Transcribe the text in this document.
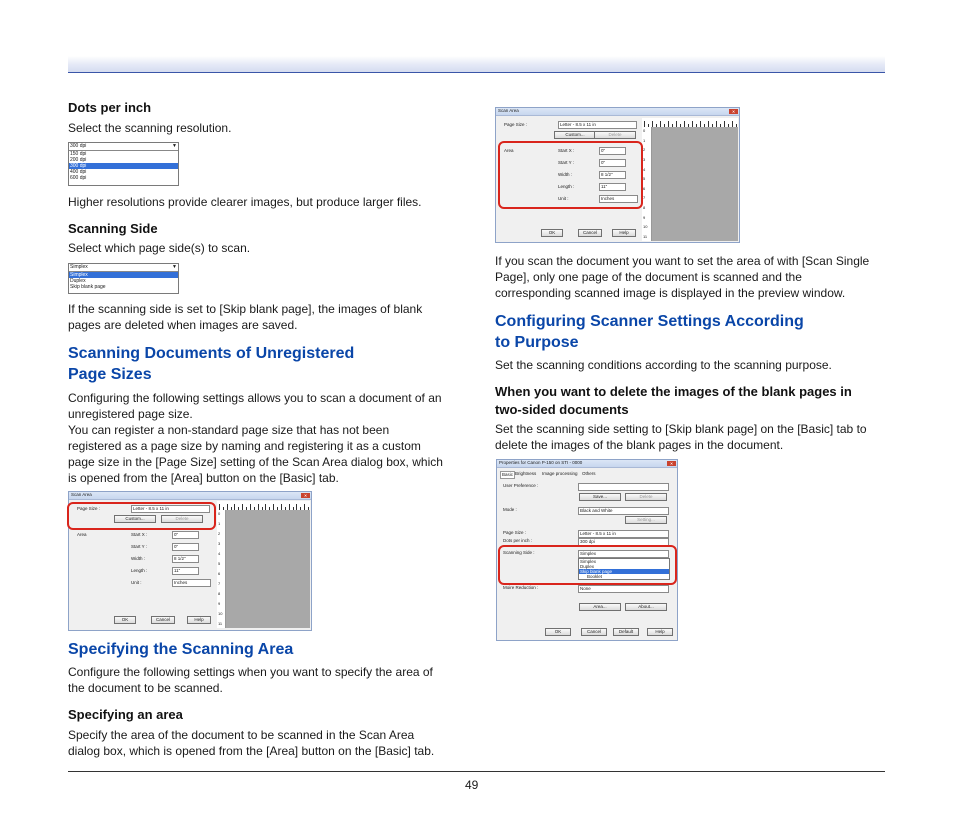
Dots per inch
Select the scanning resolution.
300 dpi	▼
150 dpi
200 dpi
300 dpi
400 dpi
600 dpi
Higher resolutions provide clearer images, but produce larger files.
Scanning Side
Select which page side(s) to scan.
Simplex	▼
Simplex
Duplex
Skip blank page
If the scanning side is set to [Skip blank page], the images of blank
pages are deleted when images are saved.
Scanning Documents of Unregistered
Page Sizes
Configuring the following settings allows you to scan a document of an
unregistered page size.
You can register a non-standard page size that has not been
registered as a page size by naming and registering it as a custom
page size in the [Page Size] setting of the Scan Area dialog box, which
is opened from the [Area] button on the [Basic] tab.
Scan Area	✕
Page Size :	Letter - 8.5 x 11 in
Custom...	Delete
Area	Start X :	0"
Start Y :	0"
Width :	8 1/2"
Length :	11"
Unit :	Inches
OK	Cancel	Help
0
1
2
3
4
5
6
7
8
9
10
11
Specifying the Scanning Area
Configure the following settings when you want to specify the area of
the document to be scanned.
Specifying an area
Specify the area of the document to be scanned in the Scan Area
dialog box, which is opened from the [Area] button on the [Basic] tab.
Scan Area	✕
Page Size :	Letter - 8.5 x 11 in
Custom...	Delete
Area	Start X :	0"
Start Y :	0"
Width :	8 1/2"
Length :	11"
Unit :	Inches
OK	Cancel	Help
0
1
2
3
4
5
6
7
8
9
10
11
If you scan the document you want to set the area of with [Scan Single
Page], only one page of the document is scanned and the
corresponding scanned image is displayed in the preview window.
Configuring Scanner Settings According
to Purpose
Set the scanning conditions according to the scanning purpose.
When you want to delete the images of the blank pages in
two-sided documents
Set the scanning side setting to [Skip blank page] on the [Basic] tab to
delete the images of the blank pages in the document.
Properties for Canon P-150 on STI - 0000	✕
Basic Brightness Image processing Others
User Preference :
Save...	Delete
Mode :	Black and White
Setting...
Page Size :	Letter - 8.5 x 11 in
Dots per inch :	300 dpi
Scanning Side :	Simplex
Simplex
Duplex
Skip blank page
Booklet
Moire Reduction :	None
Area...	About...
OK	Cancel	Default	Help
49
